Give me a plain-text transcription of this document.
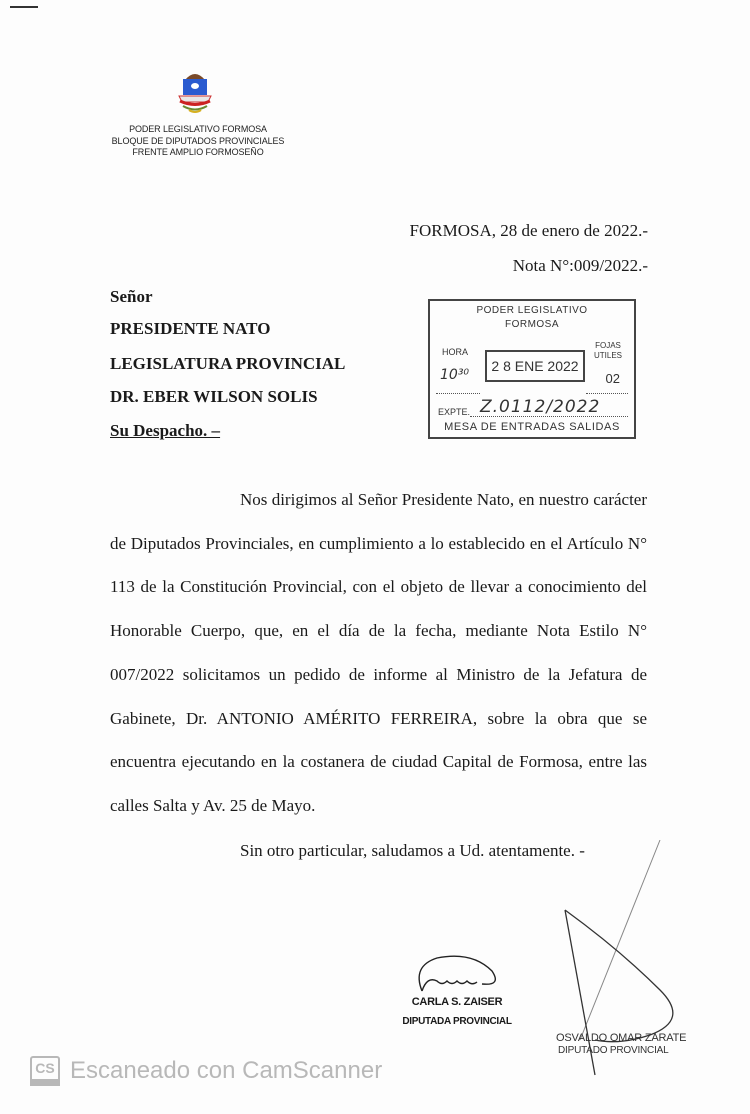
PODER LEGISLATIVO FORMOSA
BLOQUE DE DIPUTADOS PROVINCIALES
FRENTE AMPLIO FORMOSEÑO
FORMOSA, 28 de enero de 2022.-
Nota N°:009/2022.-
Señor
PRESIDENTE NATO
LEGISLATURA PROVINCIAL
DR. EBER WILSON SOLIS
Su Despacho. –
PODER LEGISLATIVO
FORMOSA
HORA
FOJAS
UTILES
2 8 ENE 2022
10³⁰	02
EXPTE. Z.0112/2022
MESA DE ENTRADAS SALIDAS

Nos dirigimos al Señor Presidente Nato, en nuestro carácter de Diputados Provinciales, en cumplimiento a lo establecido en el Artículo N° 113 de la Constitución Provincial, con el objeto de llevar a conocimiento del Honorable Cuerpo, que, en el día de la fecha, mediante Nota Estilo N° 007/2022 solicitamos un pedido de informe al Ministro de la Jefatura de Gabinete, Dr. ANTONIO AMÉRITO FERREIRA, sobre la obra que se encuentra ejecutando en la costanera de ciudad Capital de Formosa, entre las calles Salta y Av. 25 de Mayo.

Sin otro particular, saludamos a Ud. atentamente. -
CARLA S. ZAISER
DIPUTADA PROVINCIAL
OSVALDO OMAR ZARATE
DIPUTADO PROVINCIAL
CS Escaneado con CamScanner
